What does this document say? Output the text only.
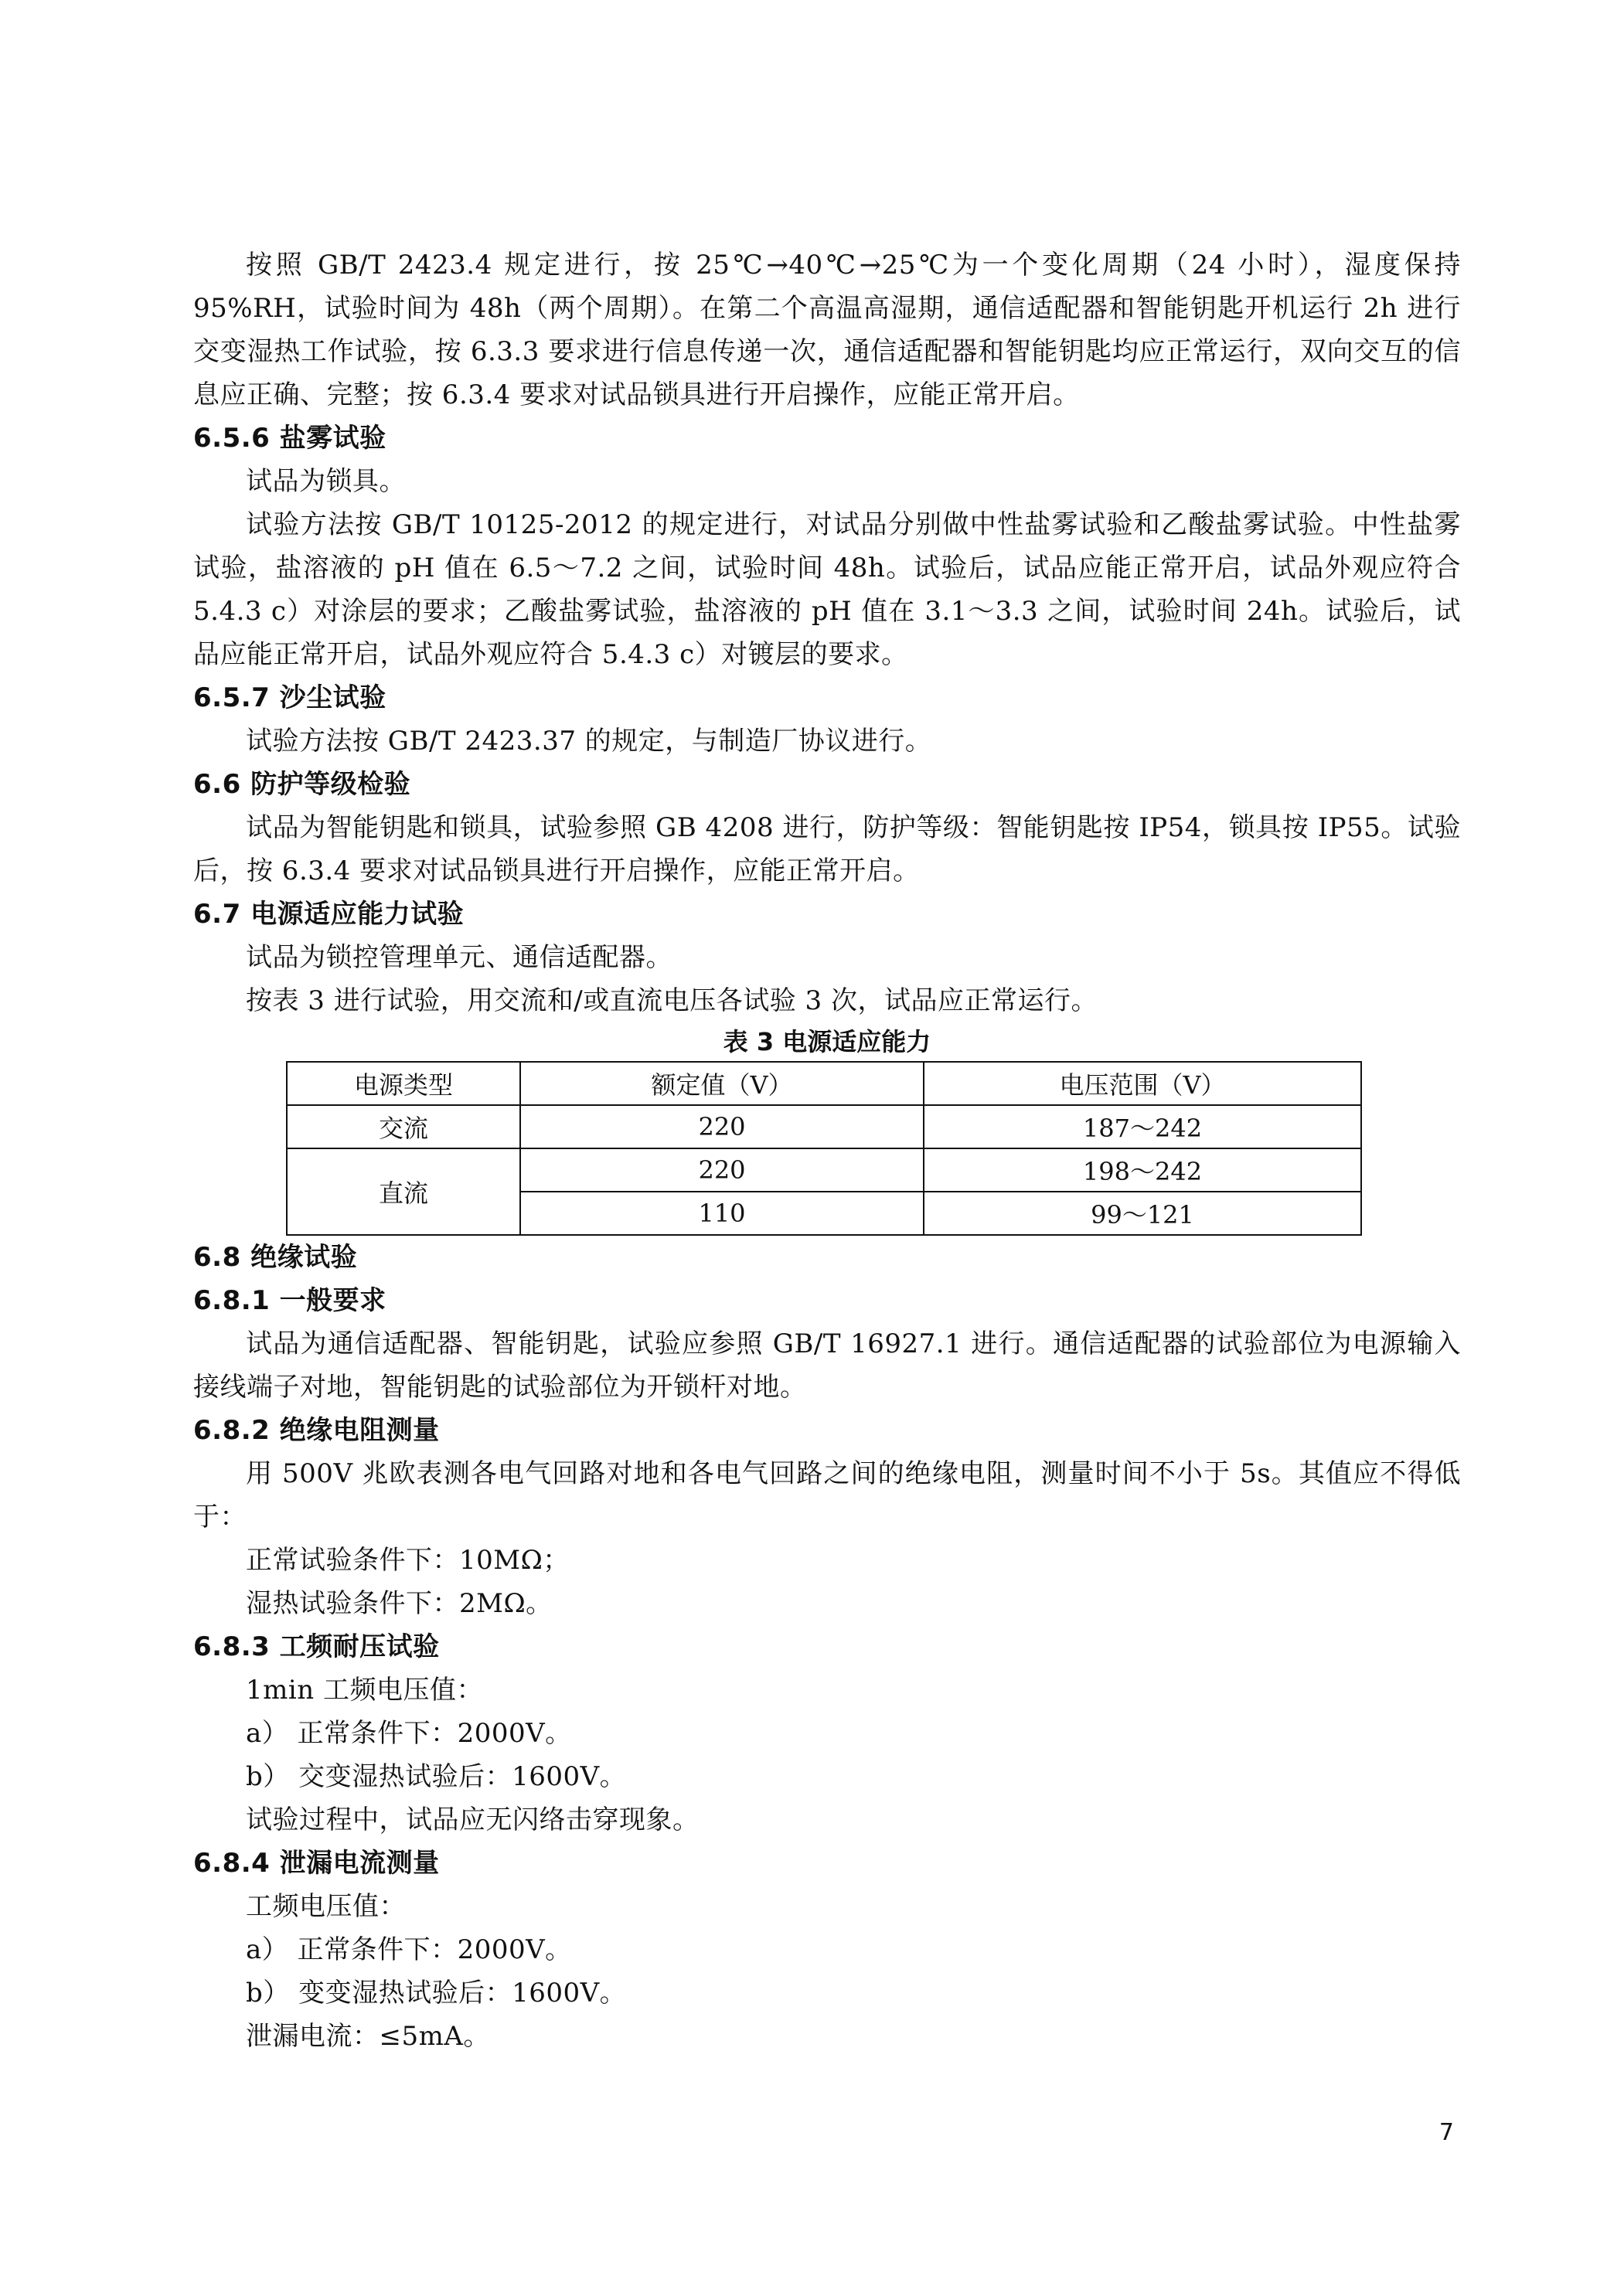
按照 GB/T 2423.4 规定进行，按 25℃→40℃→25℃为一个变化周期（24 小时），湿度保持 95%RH，试验时间为 48h（两个周期）。在第二个高温高湿期，通信适配器和智能钥匙开机运行 2h 进行交变湿热工作试验，按 6.3.3 要求进行信息传递一次，通信适配器和智能钥匙均应正常运行，双向交互的信息应正确、完整；按 6.3.4 要求对试品锁具进行开启操作，应能正常开启。

6.5.6 盐雾试验

试品为锁具。

试验方法按 GB/T 10125-2012 的规定进行，对试品分别做中性盐雾试验和乙酸盐雾试验。中性盐雾试验，盐溶液的 pH 值在 6.5～7.2 之间，试验时间 48h。试验后，试品应能正常开启，试品外观应符合 5.4.3 c）对涂层的要求；乙酸盐雾试验，盐溶液的 pH 值在 3.1～3.3 之间，试验时间 24h。试验后，试品应能正常开启，试品外观应符合 5.4.3 c）对镀层的要求。

6.5.7 沙尘试验

试验方法按 GB/T 2423.37 的规定，与制造厂协议进行。

6.6 防护等级检验

试品为智能钥匙和锁具，试验参照 GB 4208 进行，防护等级：智能钥匙按 IP54，锁具按 IP55。试验后，按 6.3.4 要求对试品锁具进行开启操作，应能正常开启。

6.7 电源适应能力试验

试品为锁控管理单元、通信适配器。

按表 3 进行试验，用交流和/或直流电压各试验 3 次，试品应正常运行。

表 3 电源适应能力

电源类型	额定值（V）	电压范围（V）
交流	220	187～242
直流	220	198～242
	110	99～121

6.8 绝缘试验

6.8.1 一般要求

试品为通信适配器、智能钥匙，试验应参照 GB/T 16927.1 进行。通信适配器的试验部位为电源输入接线端子对地，智能钥匙的试验部位为开锁杆对地。

6.8.2 绝缘电阻测量

用 500V 兆欧表测各电气回路对地和各电气回路之间的绝缘电阻，测量时间不小于 5s。其值应不得低于：

正常试验条件下：10MΩ；

湿热试验条件下：2MΩ。

6.8.3 工频耐压试验

1min 工频电压值：

a） 正常条件下：2000V。

b） 交变湿热试验后：1600V。

试验过程中，试品应无闪络击穿现象。

6.8.4 泄漏电流测量

工频电压值：

a） 正常条件下：2000V。

b） 变变湿热试验后：1600V。

泄漏电流：≤5mA。

7
